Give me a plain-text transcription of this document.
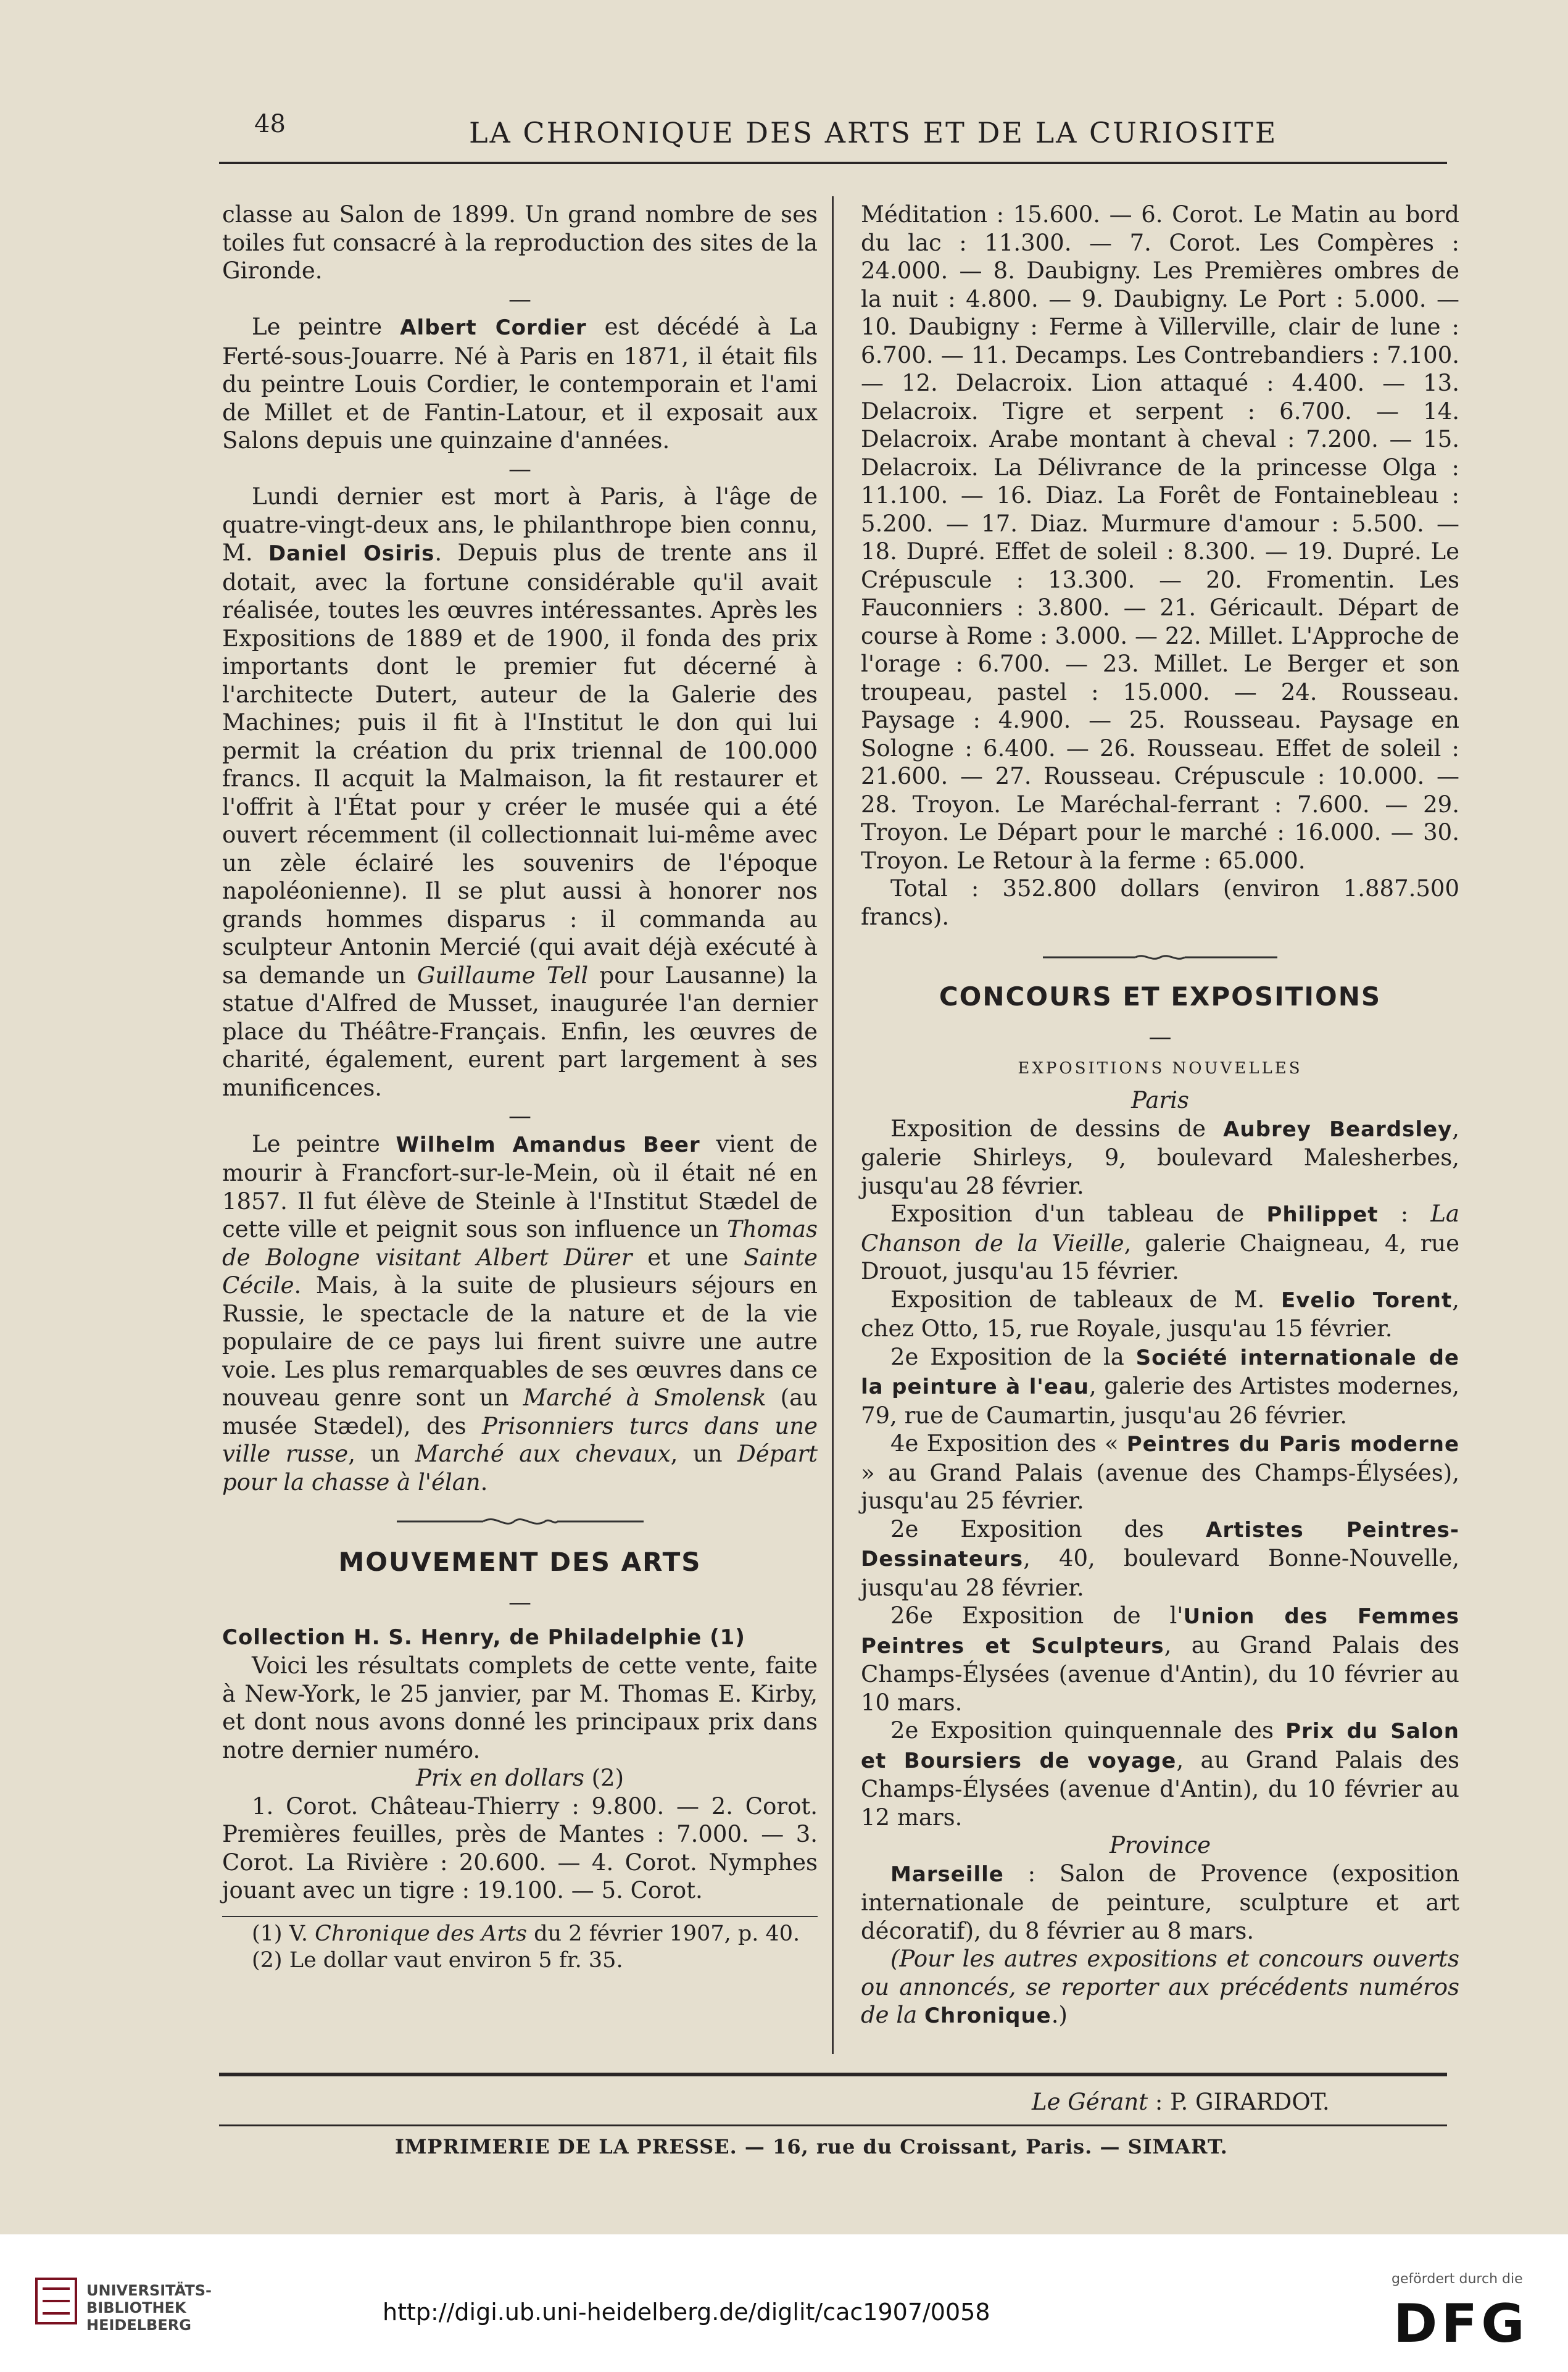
48	LA CHRONIQUE DES ARTS ET DE LA CURIOSITE

classe au Salon de 1899. Un grand nombre de ses toiles fut consacré à la reproduction des sites de la Gironde.

—

Le peintre Albert Cordier est décédé à La Ferté-sous-Jouarre. Né à Paris en 1871, il était fils du peintre Louis Cordier, le contemporain et l'ami de Millet et de Fantin-Latour, et il exposait aux Salons depuis une quinzaine d'années.

—

Lundi dernier est mort à Paris, à l'âge de quatre-vingt-deux ans, le philanthrope bien connu, M. Daniel Osiris. Depuis plus de trente ans il dotait, avec la fortune considérable qu'il avait réalisée, toutes les œuvres intéressantes. Après les Expositions de 1889 et de 1900, il fonda des prix importants dont le premier fut décerné à l'architecte Dutert, auteur de la Galerie des Machines; puis il fit à l'Institut le don qui lui permit la création du prix triennal de 100.000 francs. Il acquit la Malmaison, la fit restaurer et l'offrit à l'État pour y créer le musée qui a été ouvert récemment (il collectionnait lui-même avec un zèle éclairé les souvenirs de l'époque napoléonienne). Il se plut aussi à honorer nos grands hommes disparus : il commanda au sculpteur Antonin Mercié (qui avait déjà exécuté à sa demande un Guillaume Tell pour Lausanne) la statue d'Alfred de Musset, inaugurée l'an dernier place du Théâtre-Français. Enfin, les œuvres de charité, également, eurent part largement à ses munificences.

—

Le peintre Wilhelm Amandus Beer vient de mourir à Francfort-sur-le-Mein, où il était né en 1857. Il fut élève de Steinle à l'Institut Stædel de cette ville et peignit sous son influence un Thomas de Bologne visitant Albert Dürer et une Sainte Cécile. Mais, à la suite de plusieurs séjours en Russie, le spectacle de la nature et de la vie populaire de ce pays lui firent suivre une autre voie. Les plus remarquables de ses œuvres dans ce nouveau genre sont un Marché à Smolensk (au musée Stædel), des Prisonniers turcs dans une ville russe, un Marché aux chevaux, un Départ pour la chasse à l'élan.

MOUVEMENT DES ARTS
—

Collection H. S. Henry, de Philadelphie (1)

Voici les résultats complets de cette vente, faite à New-York, le 25 janvier, par M. Thomas E. Kirby, et dont nous avons donné les principaux prix dans notre dernier numéro.

Prix en dollars (2)

1. Corot. Château-Thierry : 9.800. — 2. Corot. Premières feuilles, près de Mantes : 7.000. — 3. Corot. La Rivière : 20.600. — 4. Corot. Nymphes jouant avec un tigre : 19.100. — 5. Corot.

(1) V. Chronique des Arts du 2 février 1907, p. 40.

(2) Le dollar vaut environ 5 fr. 35.

Méditation : 15.600. — 6. Corot. Le Matin au bord du lac : 11.300. — 7. Corot. Les Compères : 24.000. — 8. Daubigny. Les Premières ombres de la nuit : 4.800. — 9. Daubigny. Le Port : 5.000. — 10. Daubigny : Ferme à Villerville, clair de lune : 6.700. — 11. Decamps. Les Contrebandiers : 7.100. — 12. Delacroix. Lion attaqué : 4.400. — 13. Delacroix. Tigre et serpent : 6.700. — 14. Delacroix. Arabe montant à cheval : 7.200. — 15. Delacroix. La Délivrance de la princesse Olga : 11.100. — 16. Diaz. La Forêt de Fontainebleau : 5.200. — 17. Diaz. Murmure d'amour : 5.500. — 18. Dupré. Effet de soleil : 8.300. — 19. Dupré. Le Crépuscule : 13.300. — 20. Fromentin. Les Fauconniers : 3.800. — 21. Géricault. Départ de course à Rome : 3.000. — 22. Millet. L'Approche de l'orage : 6.700. — 23. Millet. Le Berger et son troupeau, pastel : 15.000. — 24. Rousseau. Paysage : 4.900. — 25. Rousseau. Paysage en Sologne : 6.400. — 26. Rousseau. Effet de soleil : 21.600. — 27. Rousseau. Crépuscule : 10.000. — 28. Troyon. Le Maréchal-ferrant : 7.600. — 29. Troyon. Le Départ pour le marché : 16.000. — 30. Troyon. Le Retour à la ferme : 65.000.

Total : 352.800 dollars (environ 1.887.500 francs).

CONCOURS ET EXPOSITIONS
—
EXPOSITIONS NOUVELLES
Paris

Exposition de dessins de Aubrey Beardsley, galerie Shirleys, 9, boulevard Malesherbes, jusqu'au 28 février.

Exposition d'un tableau de Philippet : La Chanson de la Vieille, galerie Chaigneau, 4, rue Drouot, jusqu'au 15 février.

Exposition de tableaux de M. Evelio Torent, chez Otto, 15, rue Royale, jusqu'au 15 février.

2e Exposition de la Société internationale de la peinture à l'eau, galerie des Artistes modernes, 79, rue de Caumartin, jusqu'au 26 février.

4e Exposition des « Peintres du Paris moderne » au Grand Palais (avenue des Champs-Élysées), jusqu'au 25 février.

2e Exposition des Artistes Peintres-Dessinateurs, 40, boulevard Bonne-Nouvelle, jusqu'au 28 février.

26e Exposition de l'Union des Femmes Peintres et Sculpteurs, au Grand Palais des Champs-Élysées (avenue d'Antin), du 10 février au 10 mars.

2e Exposition quinquennale des Prix du Salon et Boursiers de voyage, au Grand Palais des Champs-Élysées (avenue d'Antin), du 10 février au 12 mars.

Province

Marseille : Salon de Provence (exposition internationale de peinture, sculpture et art décoratif), du 8 février au 8 mars.

(Pour les autres expositions et concours ouverts ou annoncés, se reporter aux précédents numéros de la Chronique.)

Le Gérant : P. GIRARDOT.
IMPRIMERIE DE LA PRESSE. — 16, rue du Croissant, Paris. — SIMART.
UNIVERSITÄTS-
BIBLIOTHEK
HEIDELBERG	http://digi.ub.uni-heidelberg.de/diglit/cac1907/0058
gefördert durch die
DFG
